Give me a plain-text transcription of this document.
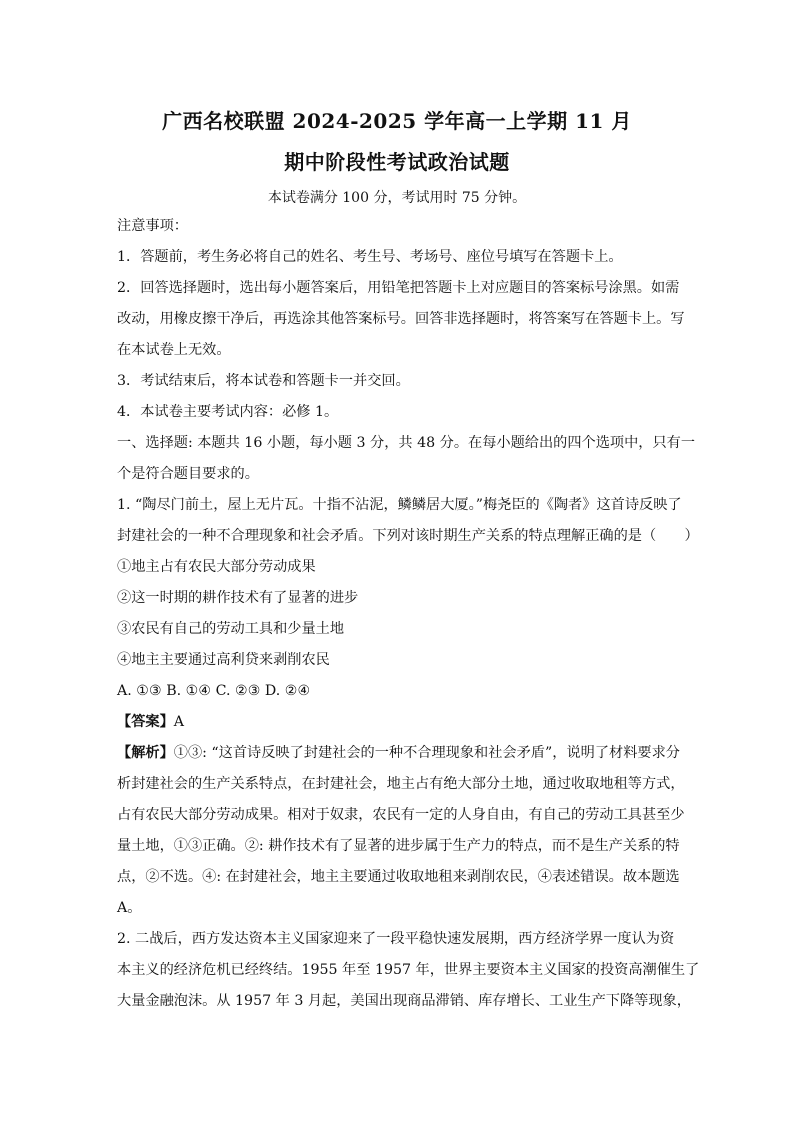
广西名校联盟 2024-2025 学年高一上学期 11 月
期中阶段性考试政治试题
本试卷满分 100 分，考试用时 75 分钟。
注意事项：
1．答题前，考生务必将自己的姓名、考生号、考场号、座位号填写在答题卡上。
2．回答选择题时，选出每小题答案后，用铅笔把答题卡上对应题目的答案标号涂黑。如需
改动，用橡皮擦干净后，再选涂其他答案标号。回答非选择题时，将答案写在答题卡上。写
在本试卷上无效。
3．考试结束后，将本试卷和答题卡一并交回。
4．本试卷主要考试内容：必修 1。
一、选择题: 本题共 16 小题，每小题 3 分，共 48 分。在每小题给出的四个选项中，只有一
个是符合题目要求的。
1. “陶尽门前土，屋上无片瓦。十指不沾泥，鳞鳞居大厦。”梅尧臣的《陶者》这首诗反映了
封建社会的一种不合理现象和社会矛盾。下列对该时期生产关系的特点理解正确的是（　　）
①地主占有农民大部分劳动成果
②这一时期的耕作技术有了显著的进步
③农民有自己的劳动工具和少量土地
④地主主要通过高利贷来剥削农民
A. ①③ B. ①④ C. ②③ D. ②④
【答案】A
【解析】①③: “这首诗反映了封建社会的一种不合理现象和社会矛盾”，说明了材料要求分
析封建社会的生产关系特点，在封建社会，地主占有绝大部分土地，通过收取地租等方式，
占有农民大部分劳动成果。相对于奴隶，农民有一定的人身自由，有自己的劳动工具甚至少
量土地，①③正确。②: 耕作技术有了显著的进步属于生产力的特点，而不是生产关系的特
点，②不选。④: 在封建社会，地主主要通过收取地租来剥削农民，④表述错误。故本题选
A。
2. 二战后，西方发达资本主义国家迎来了一段平稳快速发展期，西方经济学界一度认为资
本主义的经济危机已经终结。1955 年至 1957 年，世界主要资本主义国家的投资高潮催生了
大量金融泡沫。从 1957 年 3 月起，美国出现商品滞销、库存增长、工业生产下降等现象，
